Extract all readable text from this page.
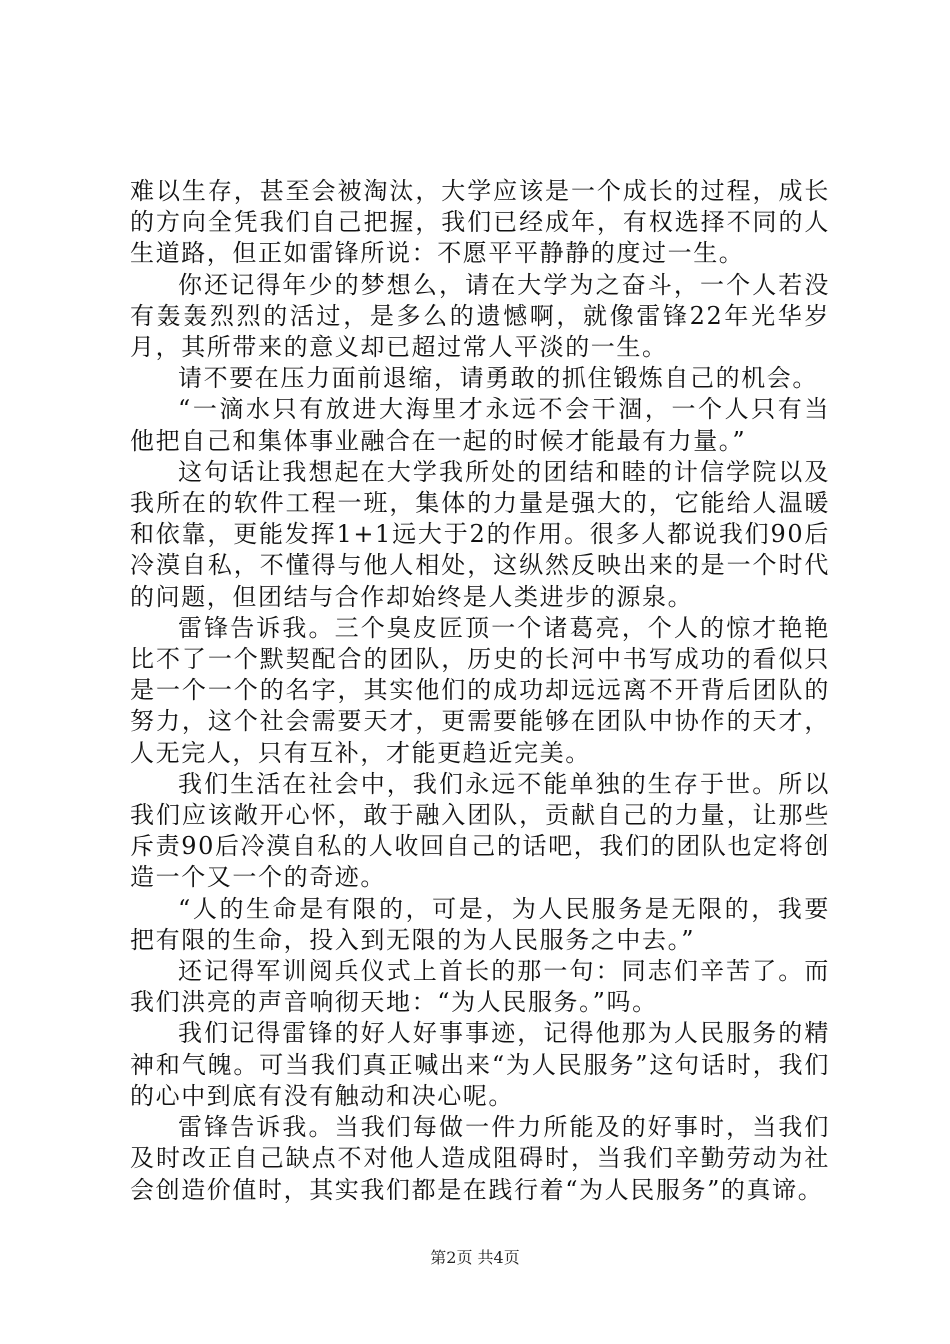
难以生存，甚至会被淘汰，大学应该是一个成长的过程，成长的方向全凭我们自己把握，我们已经成年，有权选择不同的人生道路，但正如雷锋所说：不愿平平静静的度过一生。

你还记得年少的梦想么，请在大学为之奋斗，一个人若没有轰轰烈烈的活过，是多么的遗憾啊，就像雷锋22年光华岁月，其所带来的意义却已超过常人平淡的一生。

请不要在压力面前退缩，请勇敢的抓住锻炼自己的机会。

“一滴水只有放进大海里才永远不会干涸，一个人只有当他把自己和集体事业融合在一起的时候才能最有力量。”

这句话让我想起在大学我所处的团结和睦的计信学院以及我所在的软件工程一班，集体的力量是强大的，它能给人温暖和依靠，更能发挥1+1远大于2的作用。很多人都说我们90后冷漠自私，不懂得与他人相处，这纵然反映出来的是一个时代的问题，但团结与合作却始终是人类进步的源泉。

雷锋告诉我。三个臭皮匠顶一个诸葛亮，个人的惊才艳艳比不了一个默契配合的团队，历史的长河中书写成功的看似只是一个一个的名字，其实他们的成功却远远离不开背后团队的努力，这个社会需要天才，更需要能够在团队中协作的天才，人无完人，只有互补，才能更趋近完美。

我们生活在社会中，我们永远不能单独的生存于世。所以我们应该敞开心怀，敢于融入团队，贡献自己的力量，让那些斥责90后冷漠自私的人收回自己的话吧，我们的团队也定将创造一个又一个的奇迹。

“人的生命是有限的，可是，为人民服务是无限的，我要把有限的生命，投入到无限的为人民服务之中去。”

还记得军训阅兵仪式上首长的那一句：同志们辛苦了。而我们洪亮的声音响彻天地：“为人民服务。”吗。

我们记得雷锋的好人好事事迹，记得他那为人民服务的精神和气魄。可当我们真正喊出来“为人民服务”这句话时，我们的心中到底有没有触动和决心呢。

雷锋告诉我。当我们每做一件力所能及的好事时，当我们及时改正自己缺点不对他人造成阻碍时，当我们辛勤劳动为社会创造价值时，其实我们都是在践行着“为人民服务”的真谛。

第2页 共4页
